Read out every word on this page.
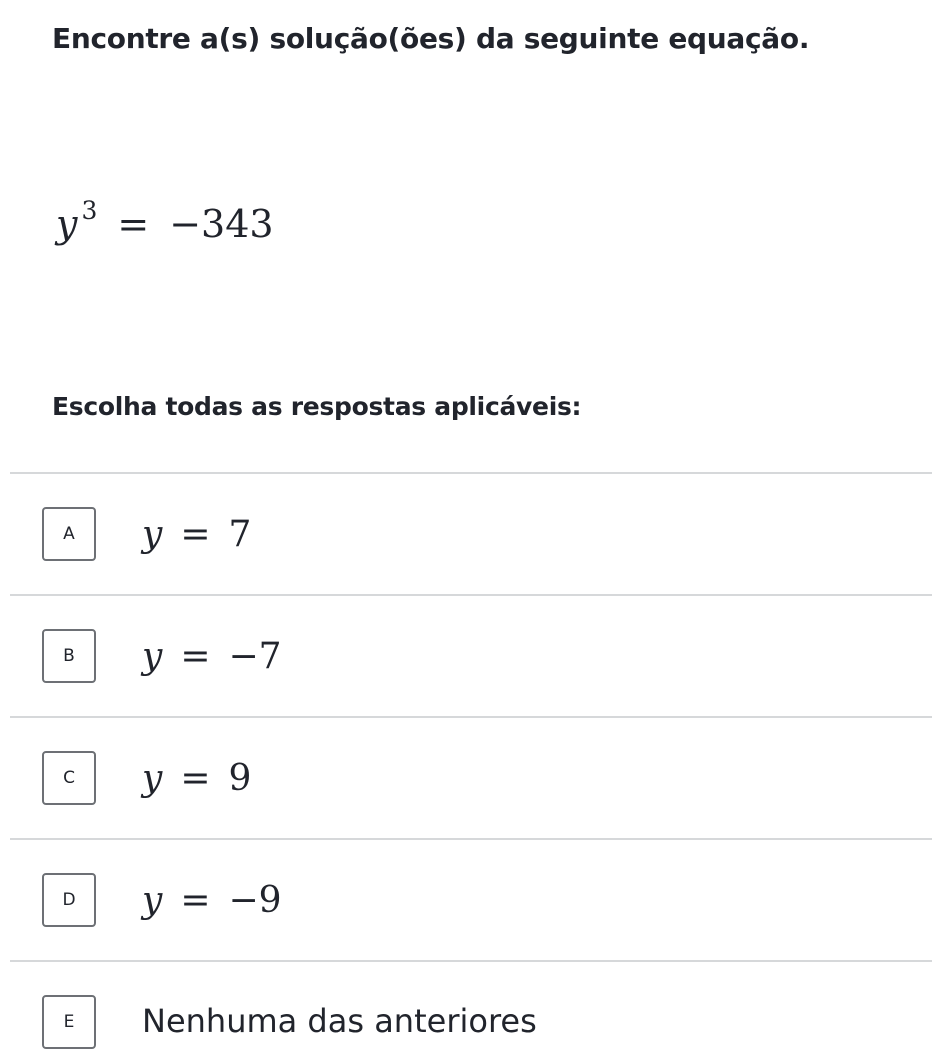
Encontre a(s) solução(ões) da seguinte equação.
y $^3$ = −343
Escolha todas as respostas aplicáveis:
A	y = 7
B	y = −7
C	y = 9
D	y = −9
E	Nenhuma das anteriores
